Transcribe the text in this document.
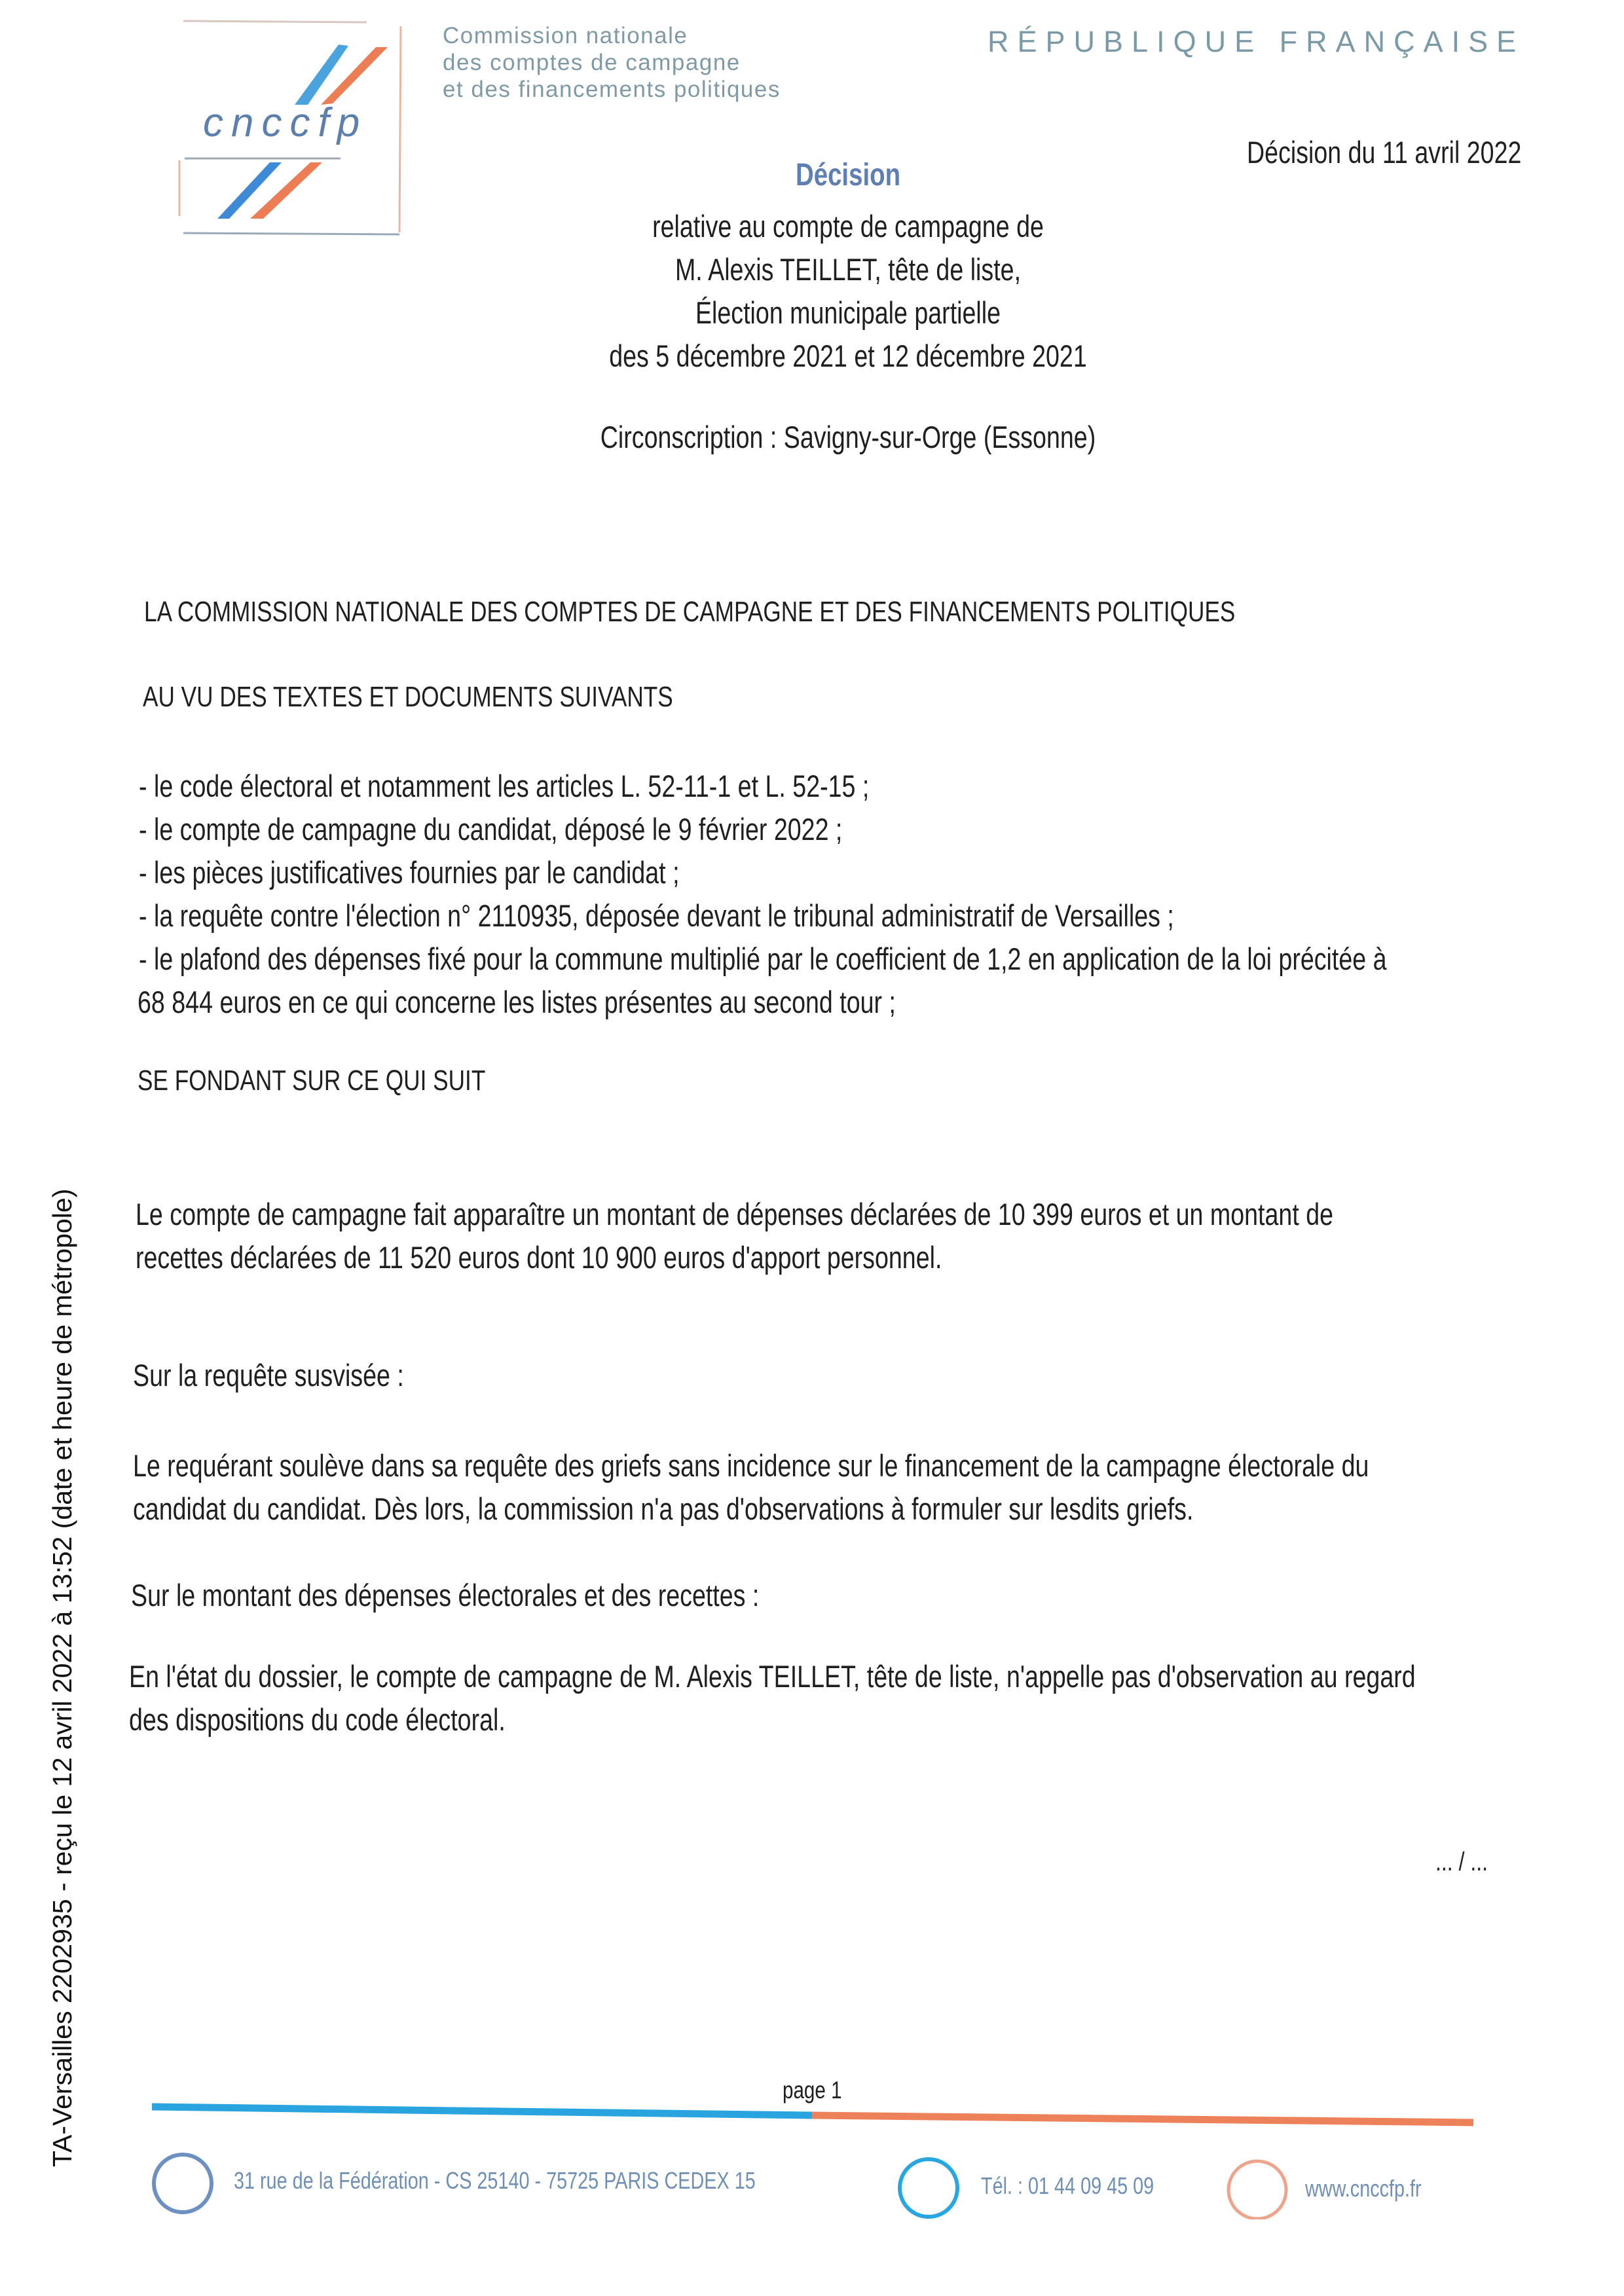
cnccfp
Commission nationale
des comptes de campagne
et des financements politiques
RÉPUBLIQUE FRANÇAISE
Décision du 11 avril 2022
Décision
relative au compte de campagne de
M. Alexis TEILLET, tête de liste,
Élection municipale partielle
des 5 décembre 2021 et 12 décembre 2021
Circonscription : Savigny-sur-Orge (Essonne)
LA COMMISSION NATIONALE DES COMPTES DE CAMPAGNE ET DES FINANCEMENTS POLITIQUES
AU VU DES TEXTES ET DOCUMENTS SUIVANTS
- le code électoral et notamment les articles L. 52-11-1 et L. 52-15 ;
- le compte de campagne du candidat, déposé le 9 février 2022 ;
- les pièces justificatives fournies par le candidat ;
- la requête contre l'élection n° 2110935, déposée devant le tribunal administratif de Versailles ;
- le plafond des dépenses fixé pour la commune multiplié par le coefficient de 1,2 en application de la loi précitée à
68 844 euros en ce qui concerne les listes présentes au second tour ;
SE FONDANT SUR CE QUI SUIT
Le compte de campagne fait apparaître un montant de dépenses déclarées de 10 399 euros et un montant de
recettes déclarées de 11 520 euros dont 10 900 euros d'apport personnel.
Sur la requête susvisée :
Le requérant soulève dans sa requête des griefs sans incidence sur le financement de la campagne électorale du
candidat du candidat. Dès lors, la commission n'a pas d'observations à formuler sur lesdits griefs.
Sur le montant des dépenses électorales et des recettes :
En l'état du dossier, le compte de campagne de M. Alexis TEILLET, tête de liste, n'appelle pas d'observation au regard
des dispositions du code électoral.
... / ...
TA-Versailles 2202935 - reçu le 12 avril 2022 à 13:52 (date et heure de métropole)	page 1
31 rue de la Fédération - CS 25140 - 75725 PARIS CEDEX 15	Tél. : 01 44 09 45 09	www.cnccfp.fr
